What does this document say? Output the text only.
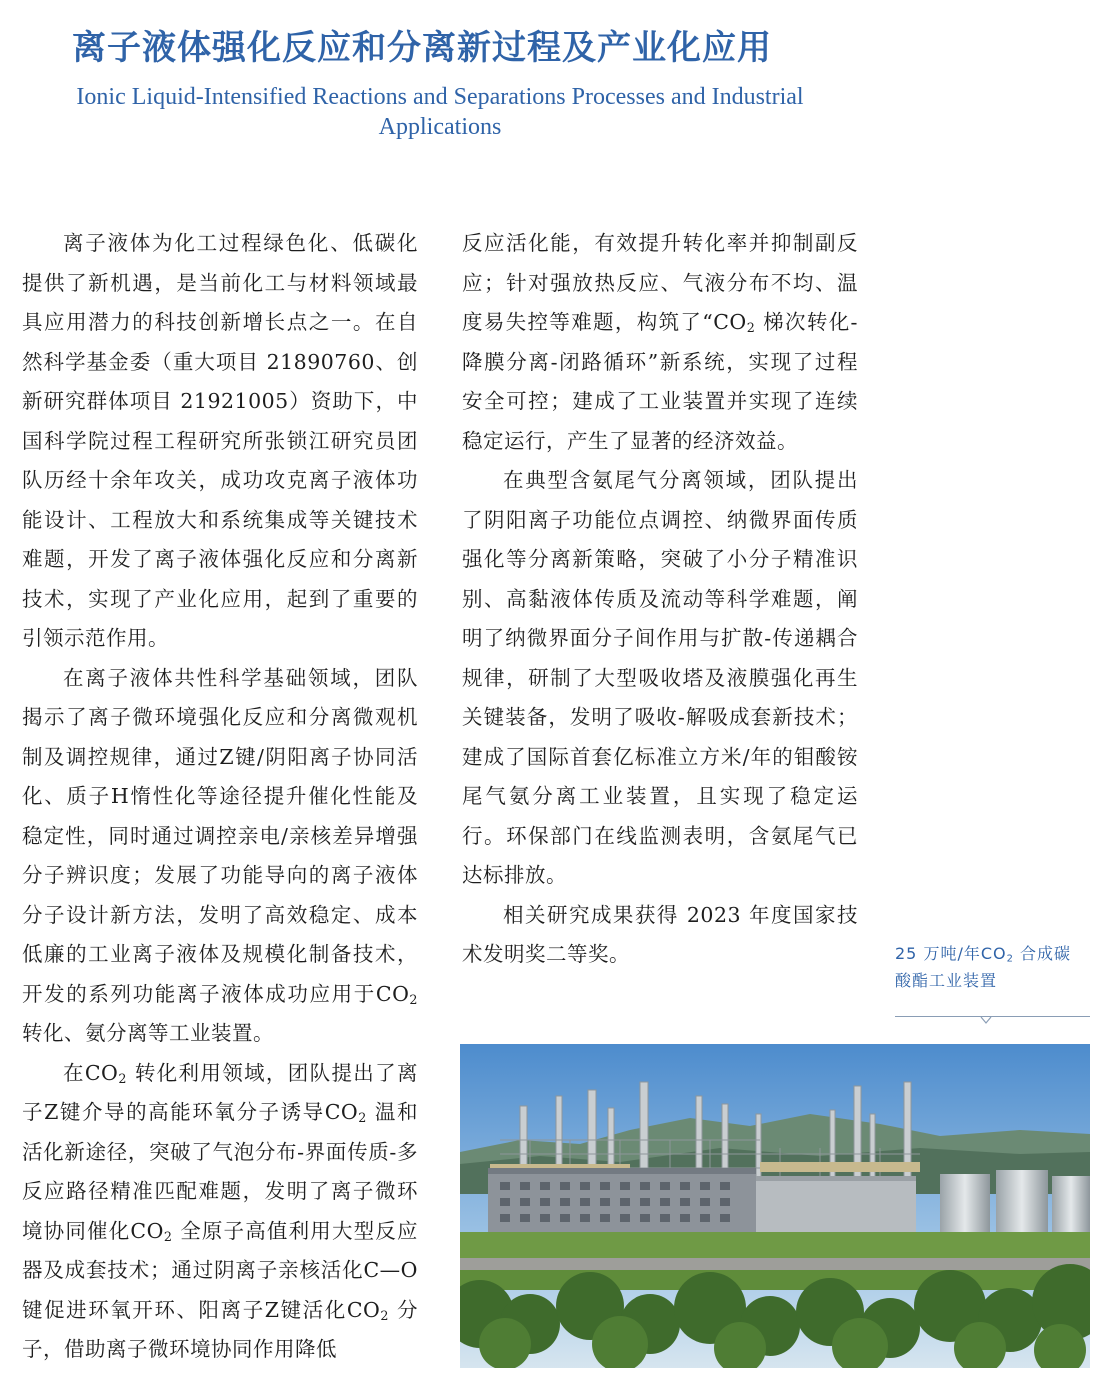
离子液体强化反应和分离新过程及产业化应用
Ionic Liquid-Intensified Reactions and Separations Processes and Industrial
Applications

离子液体为化工过程绿色化、低碳化提供了新机遇，是当前化工与材料领域最具应用潜力的科技创新增长点之一。在自然科学基金委（重大项目 21890760、创新研究群体项目 21921005）资助下，中国科学院过程工程研究所张锁江研究员团队历经十余年攻关，成功攻克离子液体功能设计、工程放大和系统集成等关键技术难题，开发了离子液体强化反应和分离新技术，实现了产业化应用，起到了重要的引领示范作用。

在离子液体共性科学基础领域，团队揭示了离子微环境强化反应和分离微观机制及调控规律，通过Z键/阴阳离子协同活化、质子H惰性化等途径提升催化性能及稳定性，同时通过调控亲电/亲核差异增强分子辨识度；发展了功能导向的离子液体分子设计新方法，发明了高效稳定、成本低廉的工业离子液体及规模化制备技术，开发的系列功能离子液体成功应用于$CO_2$ 转化、氨分离等工业装置。

在$CO_2$ 转化利用领域，团队提出了离子Z键介导的高能环氧分子诱导$CO_2$ 温和活化新途径，突破了气泡分布-界面传质-多反应路径精准匹配难题，发明了离子微环境协同催化$CO_2$ 全原子高值利用大型反应器及成套技术；通过阴离子亲核活化C—O键促进环氧开环、阳离子Z键活化$CO_2$ 分子，借助离子微环境协同作用降低

反应活化能，有效提升转化率并抑制副反应；针对强放热反应、气液分布不均、温度易失控等难题，构筑了“$CO_2$ 梯次转化-降膜分离-闭路循环”新系统，实现了过程安全可控；建成了工业装置并实现了连续稳定运行，产生了显著的经济效益。

在典型含氨尾气分离领域，团队提出了阴阳离子功能位点调控、纳微界面传质强化等分离新策略，突破了小分子精准识别、高黏液体传质及流动等科学难题，阐明了纳微界面分子间作用与扩散-传递耦合规律，研制了大型吸收塔及液膜强化再生关键装备，发明了吸收-解吸成套新技术；建成了国际首套亿标准立方米/年的钼酸铵尾气氨分离工业装置，且实现了稳定运行。环保部门在线监测表明，含氨尾气已达标排放。

相关研究成果获得 2023 年度国家技术发明奖二等奖。	25 万吨/年$CO_2$ 合成碳
酸酯工业装置
